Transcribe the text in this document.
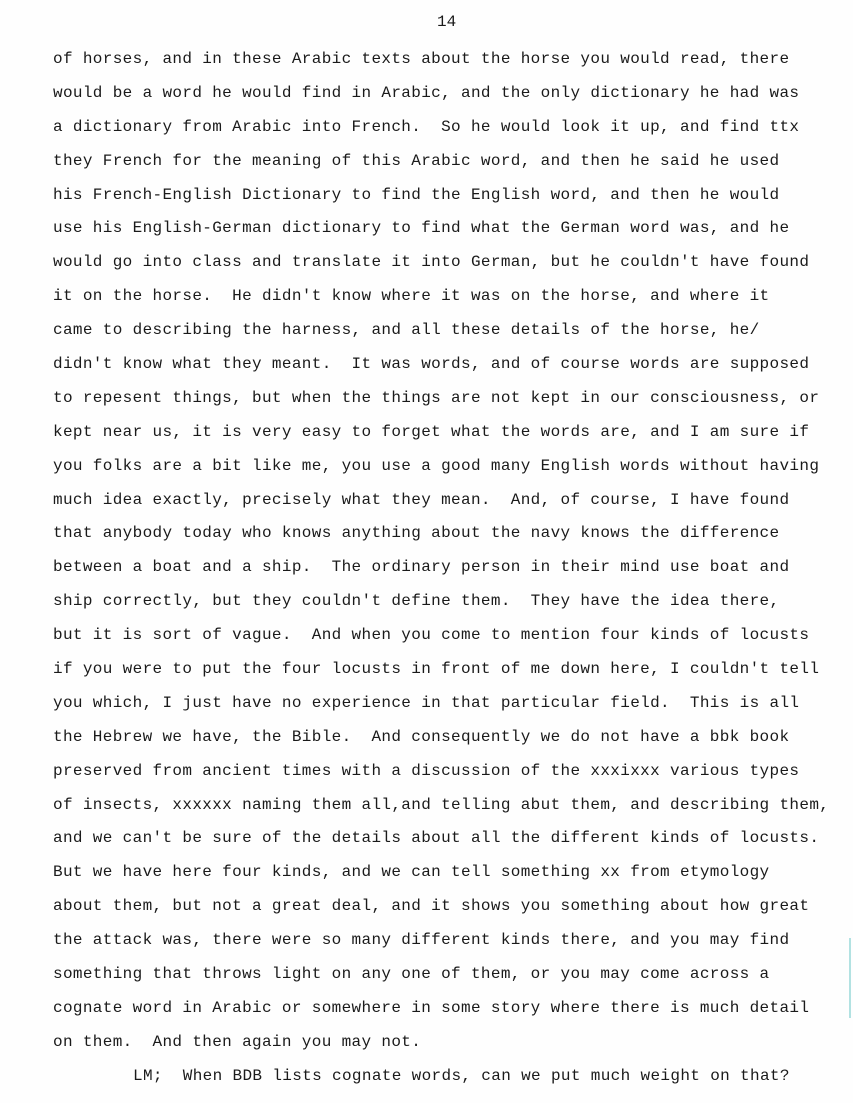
14
of horses, and in these Arabic texts about the horse you would read, there
would be a word he would find in Arabic, and the only dictionary he had was
a dictionary from Arabic into French.  So he would look it up, and find ttx
they French for the meaning of this Arabic word, and then he said he used
his French-English Dictionary to find the English word, and then he would
use his English-German dictionary to find what the German word was, and he
would go into class and translate it into German, but he couldn't have found
it on the horse.  He didn't know where it was on the horse, and where it
came to describing the harness, and all these details of the horse, he/
didn't know what they meant.  It was words, and of course words are supposed
to repesent things, but when the things are not kept in our consciousness, or
kept near us, it is very easy to forget what the words are, and I am sure if
you folks are a bit like me, you use a good many English words without having
much idea exactly, precisely what they mean.  And, of course, I have found
that anybody today who knows anything about the navy knows the difference
between a boat and a ship.  The ordinary person in their mind use boat and
ship correctly, but they couldn't define them.  They have the idea there,
but it is sort of vague.  And when you come to mention four kinds of locusts
if you were to put the four locusts in front of me down here, I couldn't tell
you which, I just have no experience in that particular field.  This is all
the Hebrew we have, the Bible.  And consequently we do not have a bbk book
preserved from ancient times with a discussion of the xxxixxx various types
of insects, xxxxxx naming them all,and telling abut them, and describing them,
and we can't be sure of the details about all the different kinds of locusts.
But we have here four kinds, and we can tell something xx from etymology
about them, but not a great deal, and it shows you something about how great
the attack was, there were so many different kinds there, and you may find
something that throws light on any one of them, or you may come across a
cognate word in Arabic or somewhere in some story where there is much detail
on them.  And then again you may not.
LM;  When BDB lists cognate words, can we put much weight on that?
